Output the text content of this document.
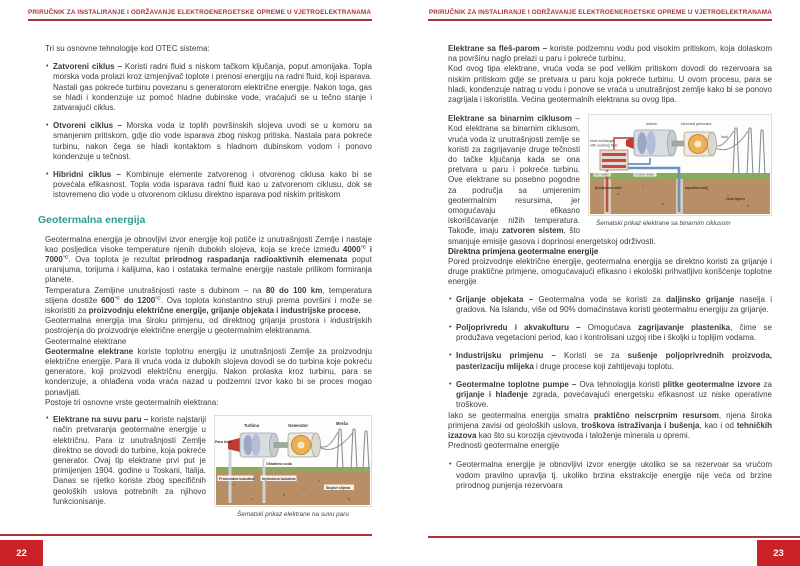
PRIRUČNIK ZA INSTALIRANJE I ODRŽAVANJE ELEKTROENERGETSKE OPREME U VJETROELEKTRANAMA

Tri su osnovne tehnologije kod OTEC sistema:

• Zatvoreni ciklus – Koristi radni fluid s niskom tačkom ključanja, poput amonijaka. Topla morska voda prolazi kroz izmjenjivač toplote i prenosi energiju na radni fluid, koji isparava. Nastali gas pokreće turbinu povezanu s generatorom električne energije. Nakon toga, gas se hladi i kondenzuje uz pomoć hladne dubinske vode, vraćajući se u tečno stanje i zatvarajući ciklus.
• Otvoreni ciklus – Morska voda iz toplih površinskih slojeva uvodi se u komoru sa smanjenim pritiskom, gdje dio vode isparava zbog niskog pritiska. Nastala para pokreće turbinu, nakon čega se hladi kontaktom s hladnom dubinskom vodom i ponovo kondenzuje u tečnost.
• Hibridni ciklus – Kombinuje elemente zatvorenog i otvorenog ciklusa kako bi se povećala efikasnost. Topla voda isparava radni fluid kao u zatvorenom ciklusu, dok se istovremeno dio vode u otvorenom ciklusu direktno isparava pod niskim pritiskom
Geotermalna energija

Geotermalna energija je obnovljivi izvor energije koji potiče iz unutrašnjosti Zemlje i nastaje kao posljedica visoke temperature njenih dubokih slojeva, koja se kreće između $4000^{^\circ C}$ i $7000^{^\circ C}$. Ova toplota je rezultat prirodnog raspadanja radioaktivnih elemenata poput uranijuma, torijuma i kalijuma, kao i ostataka termalne energije nastale prilikom formiranja planete.

Temperatura Zemljine unutrašnjosti raste s dubinom – na 80 do 100 km, temperatura stijena dostiže $600^{^\circ C}$ do $1200^{^\circ C}$. Ova toplota konstantno struji prema površini i može se iskoristiti za proizvodnju električne energije, grijanje objekata i industrijske procese.

Geotermalna energija ima široku primjenu, od direktnog grijanja prostora i industrijskih postrojenja do proizvodnje električne energije u geotermalnim elektranama.

Geotermalne elektrane

Geotermalne elektrane koriste toplotnu energiju iz unutrašnjosti Zemlje za proizvodnju električne energije. Para ili vruća voda iz dubokih slojeva dovodi se do turbina koje pokreću generatore, koji proizvodi električnu energiju. Nakon prolaska kroz turbinu, para se kondenzuje, a ohlađena voda vraća nazad u podzemni izvor kako bi se proces mogao ponavljati.

Postoje tri osnovne vrste geotermalnih elektrana:

Turbina	Generator	Mreža
Para izlazi
Ohlađena voda
Proizvodna bušotina Injekciona bušotina
Slojevi stijena
Šematski prikaz elektrane na suvu paru
• Elektrane na suvu paru – koriste najstariji način pretvaranja geotermalne energije u električnu. Para iz unutrašnjosti Zemlje direktno se dovodi do turbine, koja pokreće generator. Ovaj tip elektrane prvi put je primijenjen 1904. godine u Toskani, Italija. Danas se rijetko koriste zbog specifičnih geoloških uslova potrebnih za njihovo funkcionisanje.
PRIRUČNIK ZA INSTALIRANJE I ODRŽAVANJE ELEKTROENERGETSKE OPREME U VJETROELEKTRANAMA

Elektrane sa fleš-parom – koriste podzemnu vodu pod visokim pritiskom, koja dolaskom na površinu naglo prelazi u paru i pokreće turbinu.

Kod ovog tipa elektrane, vruća voda se pod velikim pritiskom dovodi do rezervoara sa niskim pritiskom gdje se pretvara u paru koja pokreće turbinu. U ovom procesu, para se hladi, kondenzuje natrag u vodu i ponove se vraća u unutrašnjost zemlje kako bi se ponovo zagrijala i iskoristila. Većina geotermalnih elektrana su ovog tipa.

turbine	electrical generator
load
heat exchanger
with working fluid
hot water	cooled water
production well	injection well
rock layers
Šematski prikaz elektrane sa binarnim ciklusom

Elektrane sa binarnim ciklusom – Kod elektrana sa binarnim ciklusom, vruća voda iz unutrašnjosti zemlje se koristi za zagrijavanje druge tečnosti do tačke ključanja kada se ona pretvara u paru i pokreće turbinu. Ove elektrane su posebno pogodne za područja sa umjerenim geotermalnim resursima, jer omogućavaju efikasno iskorišćavanje nižih temperatura. Takođe, imaju zatvoren sistem, što smanjuje emisije gasova i doprinosi energetskoj održivosti.

Direktna primjena geotermalne energije

Pored proizvodnje električne energije, geotermalna energija se direktno koristi za grijanje i druge praktične primjene, omogućavajući efikasno i ekološki prihvatljivo korišćenje toplotne energije

• Grijanje objekata – Geotermalna voda se koristi za daljinsko grijanje naselja i gradova. Na Islandu, više od 90% domaćinstava koristi geotermalnu energiju za grijanje.
• Poljoprivredu i akvakulturu – Omogućava zagrijavanje plastenika, čime se produžava vegetacioni period, kao i kontrolisani uzgoj ribe i školjki u toplijim vodama.
• Industrijsku primjenu – Koristi se za sušenje poljoprivrednih proizvoda, pasterizaciju mlijeka i druge procese koji zahtijevaju toplotu.
• Geotermalne toplotne pumpe – Ova tehnologija koristi plitke geotermalne izvore za grijanje i hlađenje zgrada, povećavajući energetsku efikasnost uz niske operativne troškove.

Iako se geotermalna energija smatra praktično neiscrpnim resursom, njena široka primjena zavisi od geoloških uslova, troškova istraživanja i bušenja, kao i od tehničkih izazova kao što su korozija cjevovoda i taloženje minerala u opremi.

Prednosti geotermalne energije

• Geotermalna energije je obnovljivi izvor energije ukoliko se sa rezervoar sa vrućom vodom pravilno upravlja tj. ukoliko brzina ekstrakcije energije nije veća od brzine prirodnog punjenja rezervoara
22	23
